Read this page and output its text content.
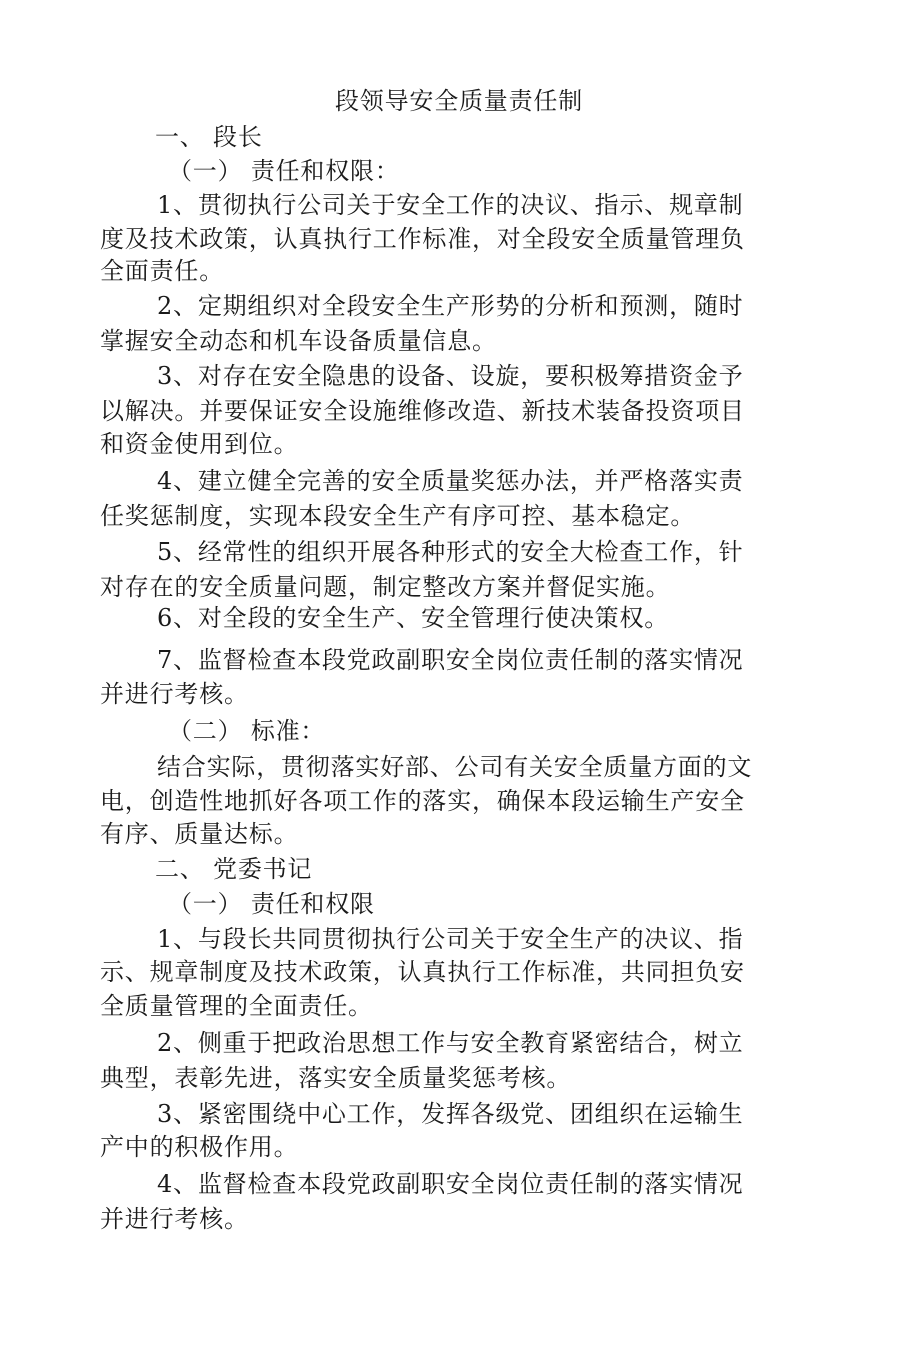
段领导安全质量责任制
一、 段长
（一） 责任和权限：
1、贯彻执行公司关于安全工作的决议、指示、规章制
度及技术政策，认真执行工作标准，对全段安全质量管理负
全面责任。
2、定期组织对全段安全生产形势的分析和预测，随时
掌握安全动态和机车设备质量信息。
3、对存在安全隐患的设备、设旋，要积极筹措资金予
以解决。并要保证安全设施维修改造、新技术装备投资项目
和资金使用到位。
4、建立健全完善的安全质量奖惩办法，并严格落实责
任奖惩制度，实现本段安全生产有序可控、基本稳定。
5、经常性的组织开展各种形式的安全大检查工作，针
对存在的安全质量问题，制定整改方案并督促实施。
6、对全段的安全生产、安全管理行使决策权。
7、监督检查本段党政副职安全岗位责任制的落实情况
并进行考核。
（二） 标准：
结合实际，贯彻落实好部、公司有关安全质量方面的文
电，创造性地抓好各项工作的落实，确保本段运输生产安全
有序、质量达标。
二、 党委书记
（一） 责任和权限
1、与段长共同贯彻执行公司关于安全生产的决议、指
示、规章制度及技术政策，认真执行工作标准，共同担负安
全质量管理的全面责任。
2、侧重于把政治思想工作与安全教育紧密结合，树立
典型，表彰先进，落实安全质量奖惩考核。
3、紧密围绕中心工作，发挥各级党、团组织在运输生
产中的积极作用。
4、监督检查本段党政副职安全岗位责任制的落实情况
并进行考核。
